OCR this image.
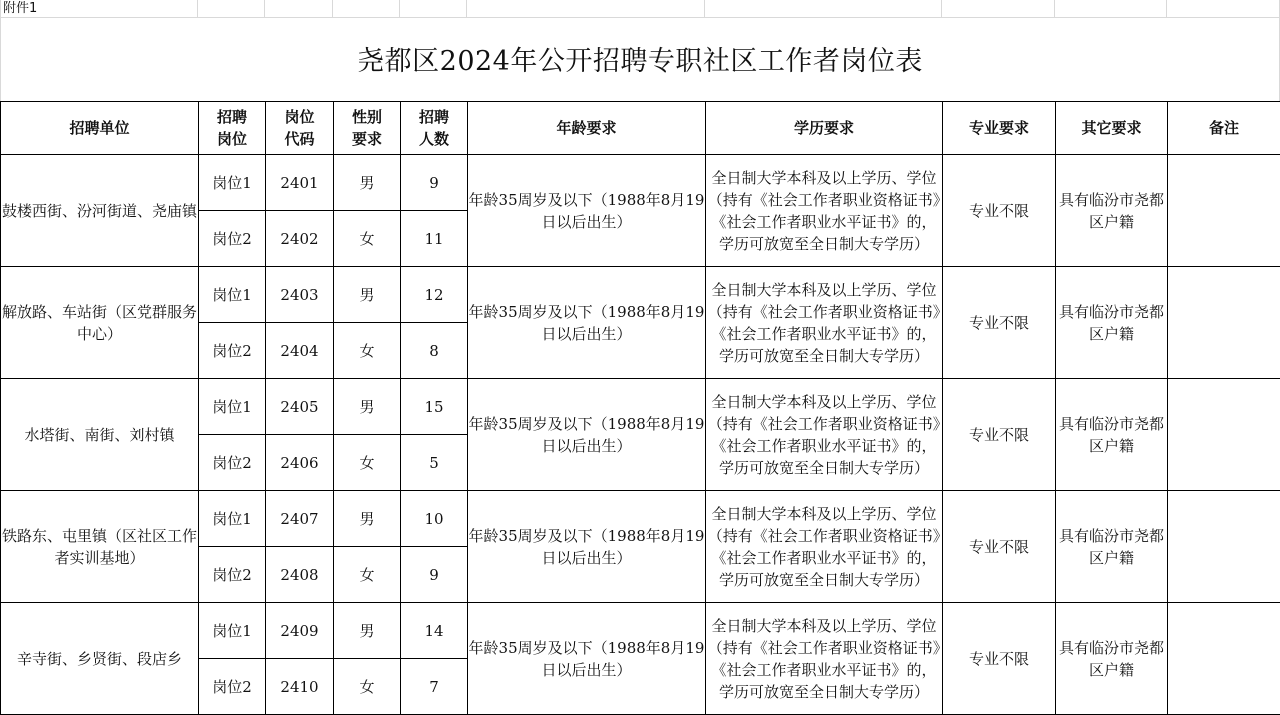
附件1
尧都区2024年公开招聘专职社区工作者岗位表
招聘单位	招聘岗位	岗位代码	性别要求	招聘人数	年龄要求	学历要求	专业要求	其它要求	备注
鼓楼西街、汾河街道、尧庙镇	岗位1	2401	男	9	年龄35周岁及以下（1988年8月19日以后出生）	全日制大学本科及以上学历、学位（持有《社会工作者职业资格证书》《社会工作者职业水平证书》的，学历可放宽至全日制大专学历）	专业不限	具有临汾市尧都区户籍	
	岗位2	2402	女	11					
解放路、车站街（区党群服务中心）	岗位1	2403	男	12	年龄35周岁及以下（1988年8月19日以后出生）	全日制大学本科及以上学历、学位（持有《社会工作者职业资格证书》《社会工作者职业水平证书》的，学历可放宽至全日制大专学历）	专业不限	具有临汾市尧都区户籍	
	岗位2	2404	女	8					
水塔街、南街、刘村镇	岗位1	2405	男	15	年龄35周岁及以下（1988年8月19日以后出生）	全日制大学本科及以上学历、学位（持有《社会工作者职业资格证书》《社会工作者职业水平证书》的，学历可放宽至全日制大专学历）	专业不限	具有临汾市尧都区户籍	
	岗位2	2406	女	5					
铁路东、屯里镇（区社区工作者实训基地）	岗位1	2407	男	10	年龄35周岁及以下（1988年8月19日以后出生）	全日制大学本科及以上学历、学位（持有《社会工作者职业资格证书》《社会工作者职业水平证书》的，学历可放宽至全日制大专学历）	专业不限	具有临汾市尧都区户籍	
	岗位2	2408	女	9					
辛寺街、乡贤街、段店乡	岗位1	2409	男	14	年龄35周岁及以下（1988年8月19日以后出生）	全日制大学本科及以上学历、学位（持有《社会工作者职业资格证书》《社会工作者职业水平证书》的，学历可放宽至全日制大专学历）	专业不限	具有临汾市尧都区户籍	
	岗位2	2410	女	7					
